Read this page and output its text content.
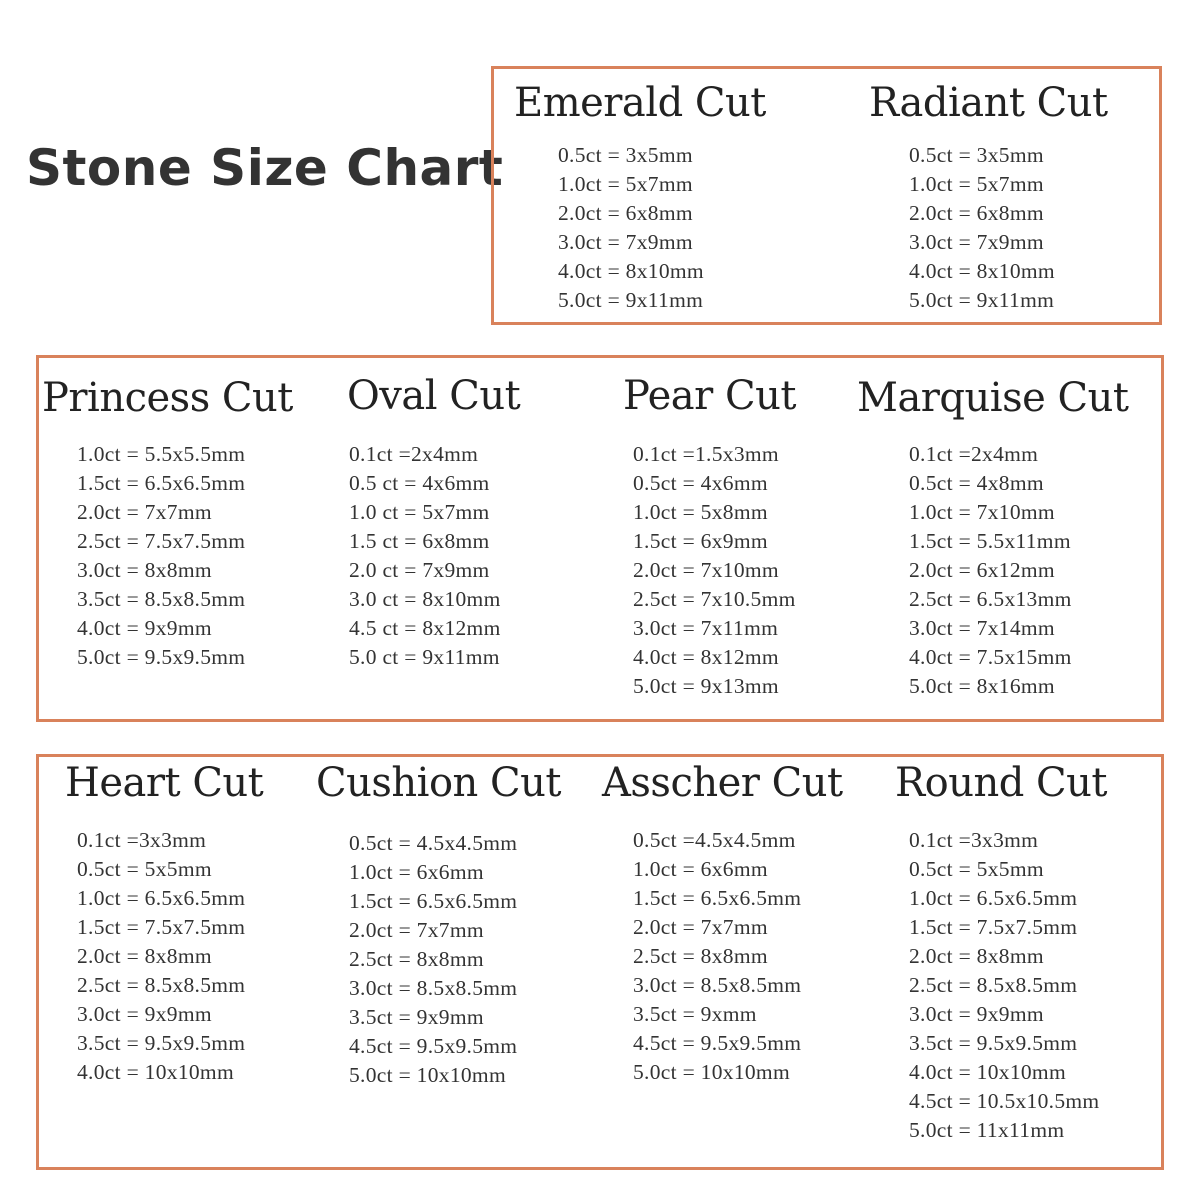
Stone Size Chart
Emerald Cut
0.5ct = 3x5mm
1.0ct = 5x7mm
2.0ct = 6x8mm
3.0ct = 7x9mm
4.0ct = 8x10mm
5.0ct = 9x11mm
Radiant Cut
0.5ct = 3x5mm
1.0ct = 5x7mm
2.0ct = 6x8mm
3.0ct = 7x9mm
4.0ct = 8x10mm
5.0ct = 9x11mm
Princess Cut
1.0ct = 5.5x5.5mm
1.5ct = 6.5x6.5mm
2.0ct = 7x7mm
2.5ct = 7.5x7.5mm
3.0ct = 8x8mm
3.5ct = 8.5x8.5mm
4.0ct = 9x9mm
5.0ct = 9.5x9.5mm
Oval Cut
0.1ct =2x4mm
0.5 ct = 4x6mm
1.0 ct = 5x7mm
1.5 ct = 6x8mm
2.0 ct = 7x9mm
3.0 ct = 8x10mm
4.5 ct = 8x12mm
5.0 ct = 9x11mm
Pear Cut
0.1ct =1.5x3mm
0.5ct = 4x6mm
1.0ct = 5x8mm
1.5ct = 6x9mm
2.0ct = 7x10mm
2.5ct = 7x10.5mm
3.0ct = 7x11mm
4.0ct = 8x12mm
5.0ct = 9x13mm
Marquise Cut
0.1ct =2x4mm
0.5ct = 4x8mm
1.0ct = 7x10mm
1.5ct = 5.5x11mm
2.0ct = 6x12mm
2.5ct = 6.5x13mm
3.0ct = 7x14mm
4.0ct = 7.5x15mm
5.0ct = 8x16mm
Heart Cut
0.1ct =3x3mm
0.5ct = 5x5mm
1.0ct = 6.5x6.5mm
1.5ct = 7.5x7.5mm
2.0ct = 8x8mm
2.5ct = 8.5x8.5mm
3.0ct = 9x9mm
3.5ct = 9.5x9.5mm
4.0ct = 10x10mm
Cushion Cut
0.5ct = 4.5x4.5mm
1.0ct = 6x6mm
1.5ct = 6.5x6.5mm
2.0ct = 7x7mm
2.5ct = 8x8mm
3.0ct = 8.5x8.5mm
3.5ct = 9x9mm
4.5ct = 9.5x9.5mm
5.0ct = 10x10mm
Asscher Cut
0.5ct =4.5x4.5mm
1.0ct = 6x6mm
1.5ct = 6.5x6.5mm
2.0ct = 7x7mm
2.5ct = 8x8mm
3.0ct = 8.5x8.5mm
3.5ct = 9xmm
4.5ct = 9.5x9.5mm
5.0ct = 10x10mm
Round Cut
0.1ct =3x3mm
0.5ct = 5x5mm
1.0ct = 6.5x6.5mm
1.5ct = 7.5x7.5mm
2.0ct = 8x8mm
2.5ct = 8.5x8.5mm
3.0ct = 9x9mm
3.5ct = 9.5x9.5mm
4.0ct = 10x10mm
4.5ct = 10.5x10.5mm
5.0ct = 11x11mm
